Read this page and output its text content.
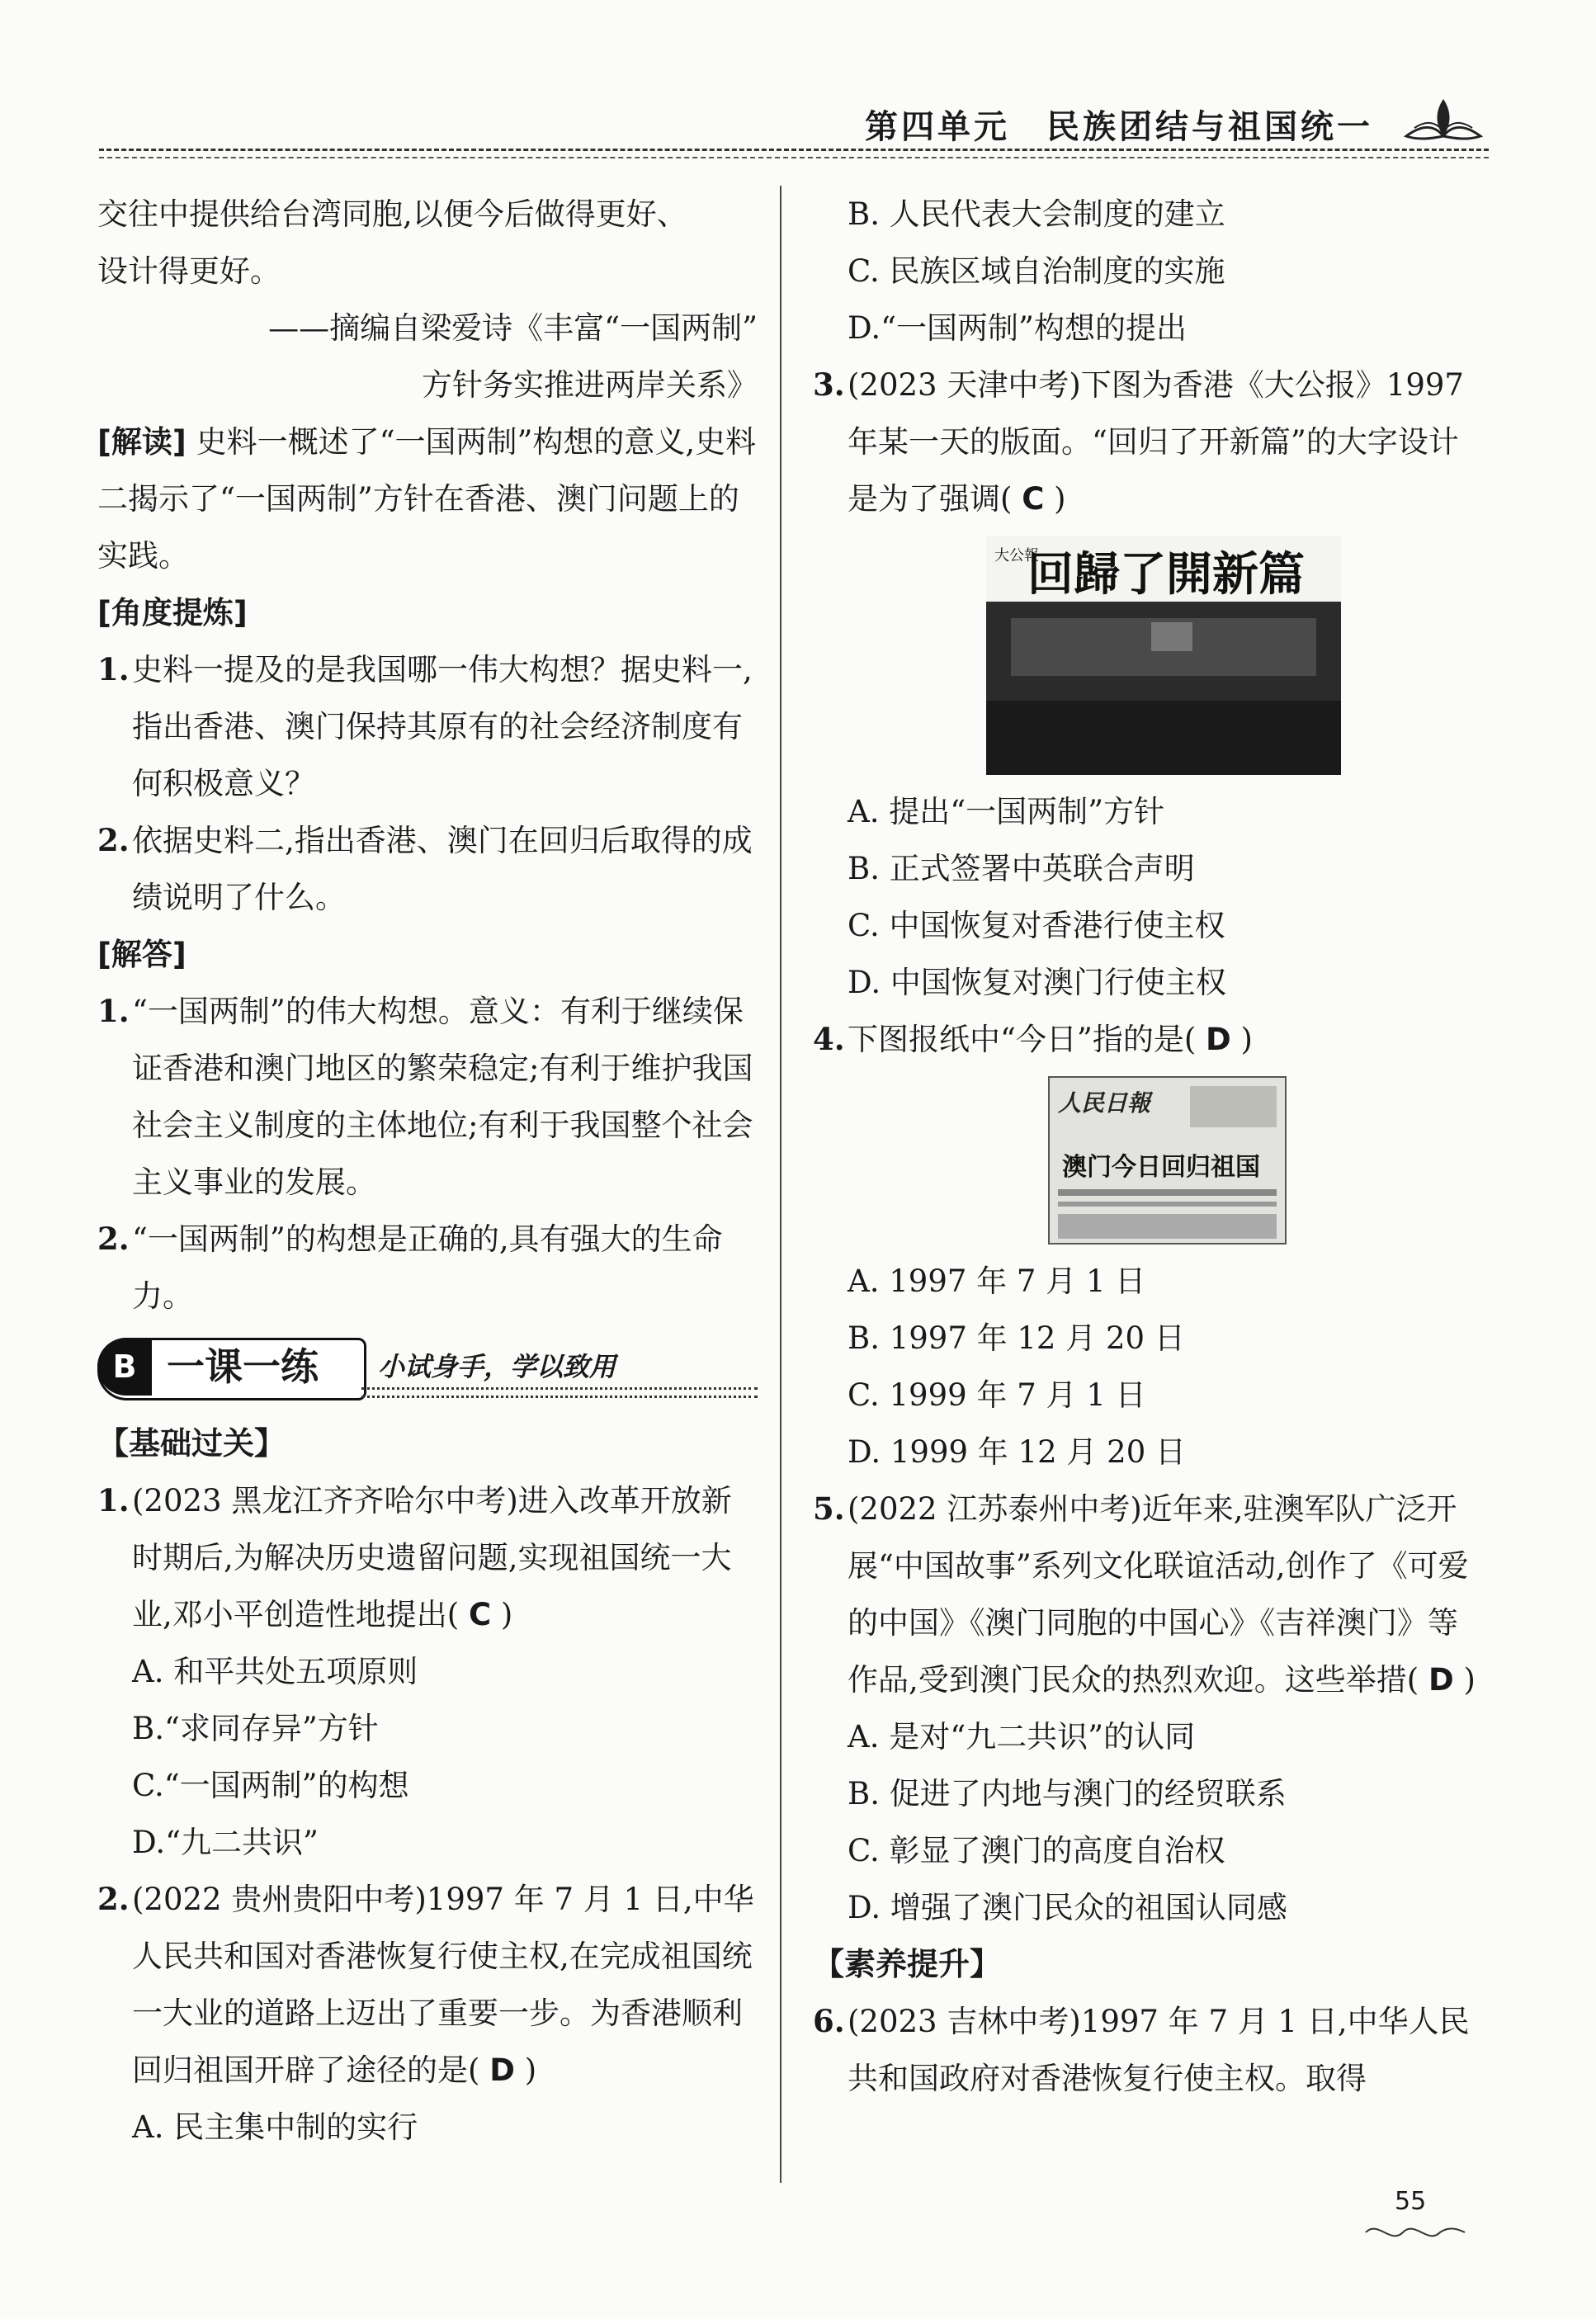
第四单元　民族团结与祖国统一

交往中提供给台湾同胞,以便今后做得更好、

设计得更好。

——摘编自梁爱诗《丰富“一国两制”

方针务实推进两岸关系》

[解读] 史料一概述了“一国两制”构想的意义,史料二揭示了“一国两制”方针在香港、澳门问题上的实践。

[角度提炼]

1.史料一提及的是我国哪一伟大构想？据史料一,指出香港、澳门保持其原有的社会经济制度有何积极意义？

2.依据史料二,指出香港、澳门在回归后取得的成绩说明了什么。

[解答]

1.“一国两制”的伟大构想。意义：有利于继续保证香港和澳门地区的繁荣稳定;有利于维护我国社会主义制度的主体地位;有利于我国整个社会主义事业的发展。

2.“一国两制”的构想是正确的,具有强大的生命力。

B 一课一练 小试身手，学以致用

【基础过关】

1.(2023 黑龙江齐齐哈尔中考)进入改革开放新时期后,为解决历史遗留问题,实现祖国统一大业,邓小平创造性地提出( C )

A. 和平共处五项原则

B.“求同存异”方针

C.“一国两制”的构想

D.“九二共识”

2.(2022 贵州贵阳中考)1997 年 7 月 1 日,中华人民共和国对香港恢复行使主权,在完成祖国统一大业的道路上迈出了重要一步。为香港顺利回归祖国开辟了途径的是( D )

A. 民主集中制的实行

B. 人民代表大会制度的建立

C. 民族区域自治制度的实施

D.“一国两制”构想的提出

3.(2023 天津中考)下图为香港《大公报》1997 年某一天的版面。“回归了开新篇”的大字设计是为了强调( C )

大公報
回歸了開新篇

A. 提出“一国两制”方针

B. 正式签署中英联合声明

C. 中国恢复对香港行使主权

D. 中国恢复对澳门行使主权

4.下图报纸中“今日”指的是( D )

人民日報
澳门今日回归祖国

A. 1997 年 7 月 1 日

B. 1997 年 12 月 20 日

C. 1999 年 7 月 1 日

D. 1999 年 12 月 20 日

5.(2022 江苏泰州中考)近年来,驻澳军队广泛开展“中国故事”系列文化联谊活动,创作了《可爱的中国》《澳门同胞的中国心》《吉祥澳门》等作品,受到澳门民众的热烈欢迎。这些举措( D )

A. 是对“九二共识”的认同

B. 促进了内地与澳门的经贸联系

C. 彰显了澳门的高度自治权

D. 增强了澳门民众的祖国认同感

【素养提升】

6.(2023 吉林中考)1997 年 7 月 1 日,中华人民共和国政府对香港恢复行使主权。取得

55
